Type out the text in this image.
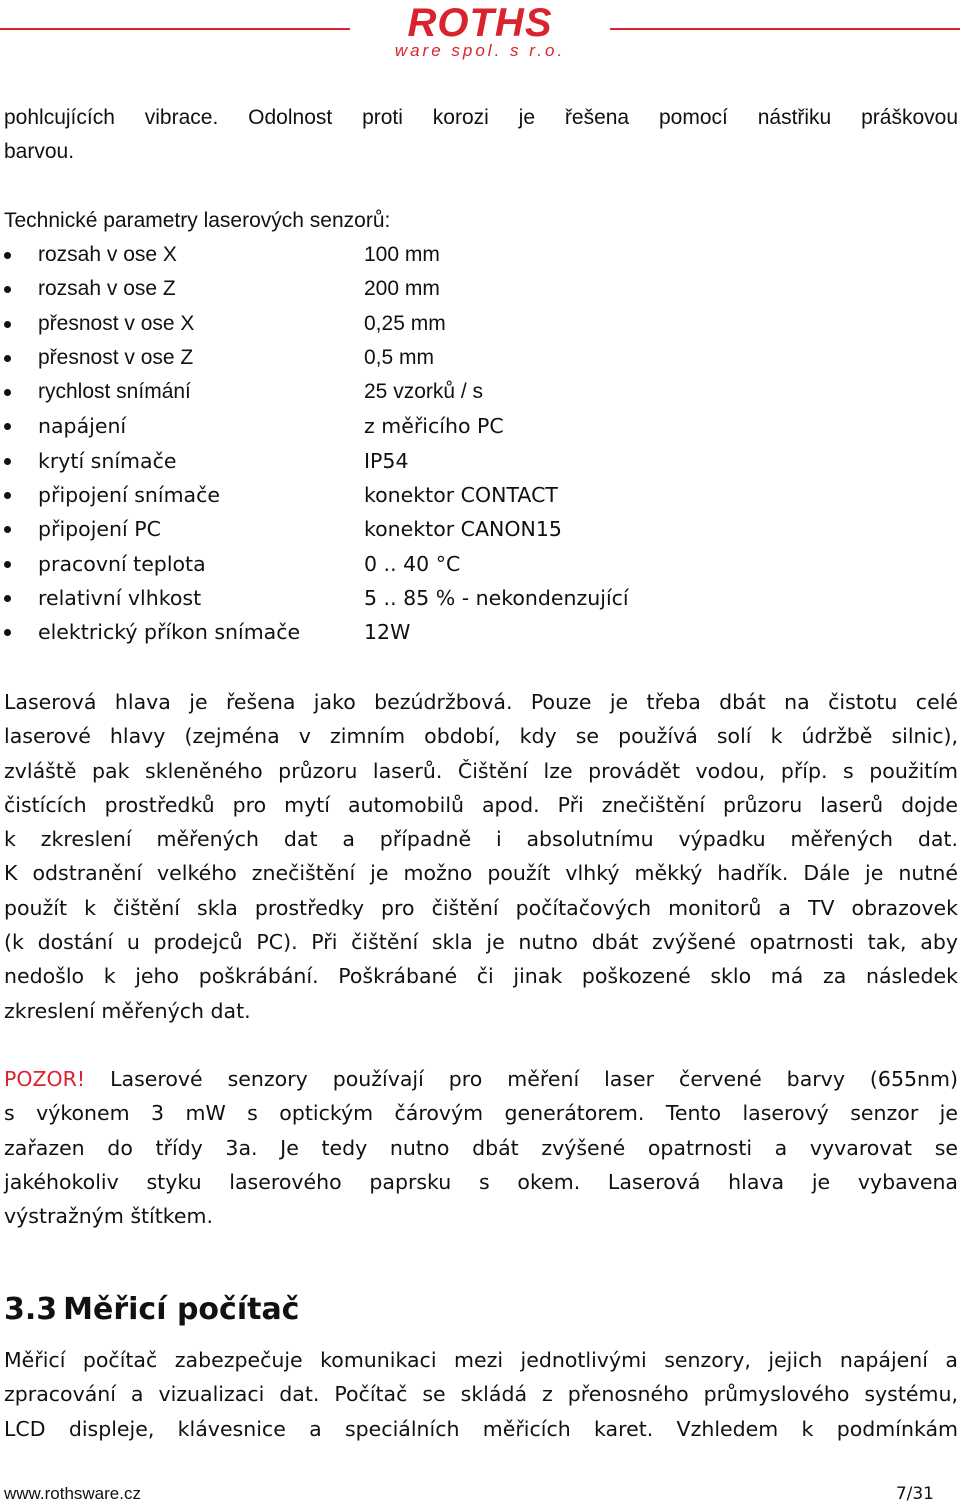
ROTHS
ware spol. s r.o.
pohlcujících vibrace. Odolnost proti korozi je řešena pomocí nástřiku práškovou
barvou.
Technické parametry laserových senzorů:
rozsah v ose X	100 mm
rozsah v ose Z	200 mm
přesnost v ose X	0,25 mm
přesnost v ose Z	0,5 mm
rychlost snímání	25 vzorků / s
napájení	z měřicího PC
krytí snímače	IP54
připojení snímače	konektor CONTACT
připojení PC	konektor CANON15
pracovní teplota	0 .. 40 °C
relativní vlhkost	5 .. 85 % - nekondenzující
elektrický příkon snímače	12W
Laserová hlava je řešena jako bezúdržbová. Pouze je třeba dbát na čistotu celé
laserové hlavy (zejména v zimním období, kdy se používá solí k údržbě silnic),
zvláště pak skleněného průzoru laserů. Čištění lze provádět vodou, příp. s použitím
čistících prostředků pro mytí automobilů apod. Při znečištění průzoru laserů dojde
k zkreslení měřených dat a případně i absolutnímu výpadku měřených dat.
K odstranění velkého znečištění je možno použít vlhký měkký hadřík. Dále je nutné
použít k čištění skla prostředky pro čištění počítačových monitorů a TV obrazovek
(k dostání u prodejců PC). Při čištění skla je nutno dbát zvýšené opatrnosti tak, aby
nedošlo k jeho poškrábání. Poškrábané či jinak poškozené sklo má za následek
zkreslení měřených dat.
POZOR! Laserové senzory používají pro měření laser červené barvy (655nm)
s výkonem 3 mW s optickým čárovým generátorem. Tento laserový senzor je
zařazen do třídy 3a. Je tedy nutno dbát zvýšené opatrnosti a vyvarovat se
jakéhokoliv styku laserového paprsku s okem. Laserová hlava je vybavena
výstražným štítkem.
3.3 Měřicí počítač
Měřicí počítač zabezpečuje komunikaci mezi jednotlivými senzory, jejich napájení a
zpracování a vizualizaci dat. Počítač se skládá z přenosného průmyslového systému,
LCD displeje, klávesnice a speciálních měřicích karet. Vzhledem k podmínkám
www.rothsware.cz	7/31
